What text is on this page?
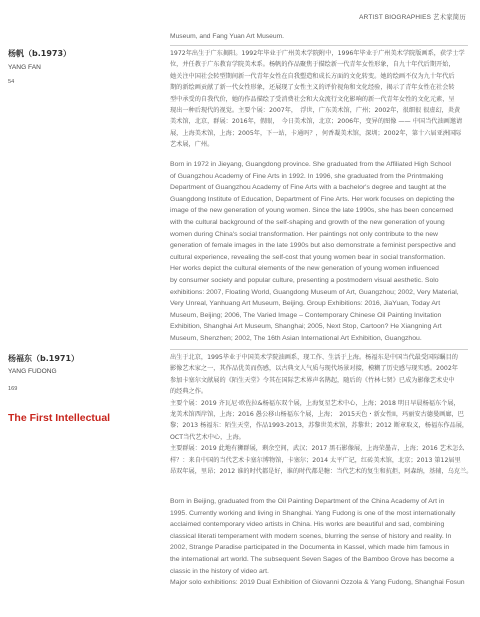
ARTIST BIOGRAPHIES 艺术家简历
Museum, and Fang Yuan Art Museum.
杨帆（b.1973）
YANG FAN
54
1972年出生于广东揭阳。1992年毕业于广州美术学院附中，1996年毕业于广州美术学院版画系，获学士学
位，并任教于广东教育学院美术系。杨帆的作品聚焦于描绘新一代青年女性形象，自九十年代后期开始，
她关注中国社会转型期间新一代青年女性在自我塑造和成长方面的文化转变。她的绘画不仅为九十年代后
期的新绘画贡献了新一代女性形象，还展现了女性主义的评价视角和文化经验，揭示了青年女性在社会转
型中承受的自我代价，她的作品描绘了受消费社会和大众流行文化影响的新一代青年女性的文化元素，呈
现出一种后现代的视觉。主要个展：2007年，　浮世，广东美术馆，广州；2002年，很细很 很虚幻，炎黄
美术馆，北京，群展：2016年，假眼，　今日美术馆，北京；2006年，变异的图像 —— 中国当代油画邀请
展，上海美术馆，上海；2005年，下一站，卡通吗？，何香凝美术馆，深圳；2002年，第十六届亚洲国际
艺术展，广州。
Born in 1972 in Jieyang, Guangdong province. She graduated from the Affiliated High School
of Guangzhou Academy of Fine Arts in 1992. In 1996, she graduated from the Printmaking
Department of Guangzhou Academy of Fine Arts with a bachelor's degree and taught at the
Guangdong Institute of Education, Department of Fine Arts. Her work focuses on depicting the
image of the new generation of young women. Since the late 1990s, she has been concerned
with the cultural background of the self-shaping and growth of the new generation of young
women during China's social transformation. Her paintings not only contribute to the new
generation of female images in the late 1990s but also demonstrate a feminist perspective and
cultural experience, revealing the self-cost that young women bear in social transformation.
Her works depict the cultural elements of the new generation of young women influenced
by consumer society and popular culture, presenting a postmodern visual aesthetic. Solo
exhibitions: 2007, Floating World, Guangdong Museum of Art, Guangzhou; 2002, Very Material,
Very Unreal, Yanhuang Art Museum, Beijing. Group Exhibitions: 2016, JiaYuan, Today Art
Museum, Beijing; 2006, The Varied Image – Contemporary Chinese Oil Painting Invitation
Exhibition, Shanghai Art Museum, Shanghai; 2005, Next Stop, Cartoon? He Xiangning Art
Museum, Shenzhen; 2002, The 16th Asian International Art Exhibition, Guangzhou.
杨福东（b.1971）
YANG FUDONG
169
The First Intellectual
出生于北京，1995毕业于中国美术学院油画系，现工作、生活于上海。杨福东是中国当代最受国际瞩目的
影像艺术家之一，其作品优美而伤感，以古典文人气质与现代场景对接，模糊了历史感与现实感。2002年
参加卡塞尔文献展的《陌生天堂》令其在国际艺术界声名鹊起，随后的《竹林七贤》已成为影像艺术史中
的经典之作。
主要个展：2019 齐瓦尼·欧佐拉&杨福东双个展，上海复星艺术中心，上海；2018 明日早晨杨福东个展，
龙美术馆西岸馆，上海；2016 愚公移山杨福东个展，上海；　2015天色・新女性II，玛丽安古德曼画廊，巴
黎；2013 杨福东：陌生天堂，作品1993-2013，苏黎世美术馆，苏黎世；2012 断章取义，杨福东作品展，
OCT当代艺术中心，上海。
主要群展：2019 此地有狮群展，剩余空间，武汉；2017 黑石影像展，上海荣墨吉，上海；2016 艺术怎么
样？：来自中国的当代艺术卡塞尔博物馆，卡塞尔；2014 太平广记，红砖美术馆，北京；2013 第12届里
昂双年展，里昂；2012 谁的时代都是好，谁的时代都是糖：当代艺术的复生和抗拒，阿森纳，基辅，乌克兰。
Born in Beijing, graduated from the Oil Painting Department of the China Academy of Art in
1995. Currently working and living in Shanghai. Yang Fudong is one of the most internationally
acclaimed contemporary video artists in China. His works are beautiful and sad, combining
classical literati temperament with modern scenes, blurring the sense of history and reality. In
2002, Strange Paradise participated in the Documenta in Kassel, which made him famous in
the international art world. The subsequent Seven Sages of the Bamboo Grove has become a
classic in the history of video art.
Major solo exhibitions: 2019 Dual Exhibition of Giovanni Ozzola & Yang Fudong, Shanghai Fosun
